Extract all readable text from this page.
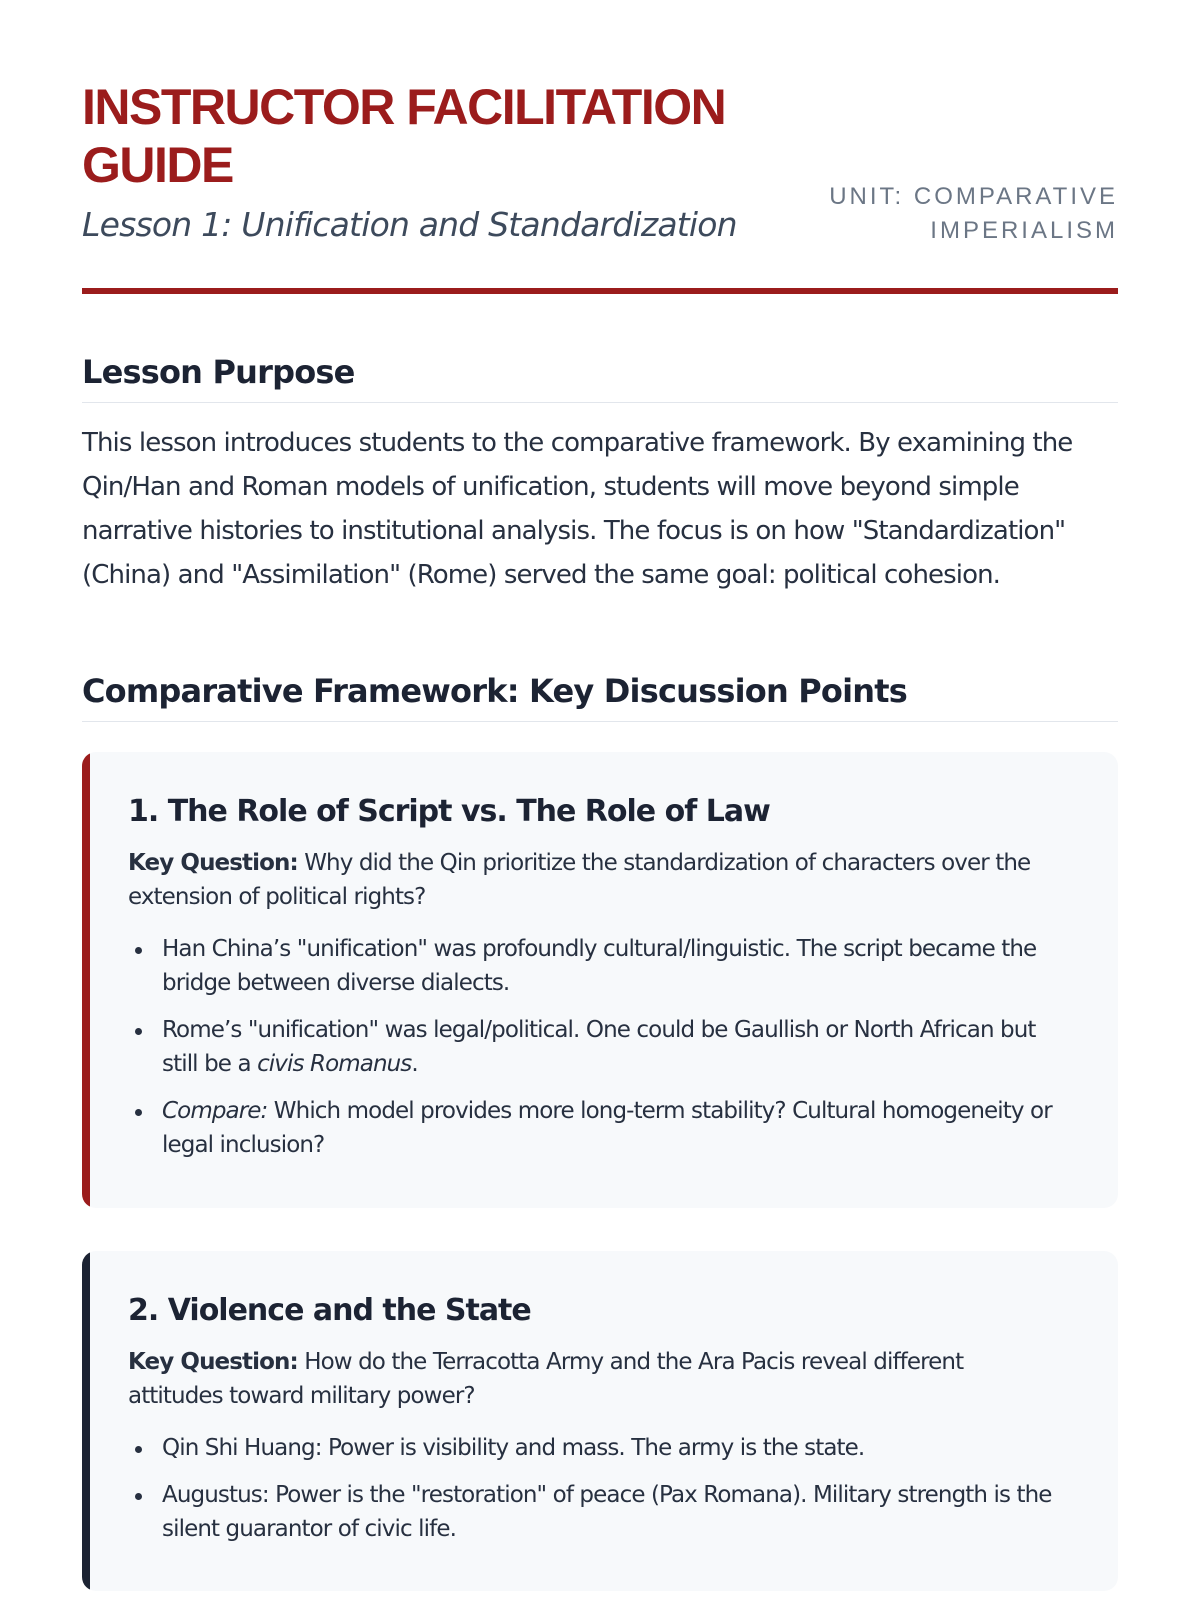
INSTRUCTOR FACILITATION GUIDE
Lesson 1: Unification and Standardization
UNIT: COMPARATIVE IMPERIALISM
Lesson Purpose

This lesson introduces students to the comparative framework. By examining the Qin/Han and Roman models of unification, students will move beyond simple narrative histories to institutional analysis. The focus is on how "Standardization" (China) and "Assimilation" (Rome) served the same goal: political cohesion.

Comparative Framework: Key Discussion Points
1. The Role of Script vs. The Role of Law

Key Question: Why did the Qin prioritize the standardization of characters over the extension of political rights?

Han China’s "unification" was profoundly cultural/linguistic. The script became the bridge between diverse dialects.
Rome’s "unification" was legal/political. One could be Gaullish or North African but still be a civis Romanus.
Compare: Which model provides more long-term stability? Cultural homogeneity or legal inclusion?
2. Violence and the State

Key Question: How do the Terracotta Army and the Ara Pacis reveal different attitudes toward military power?

Qin Shi Huang: Power is visibility and mass. The army is the state.
Augustus: Power is the "restoration" of peace (Pax Romana). Military strength is the silent guarantor of civic life.
